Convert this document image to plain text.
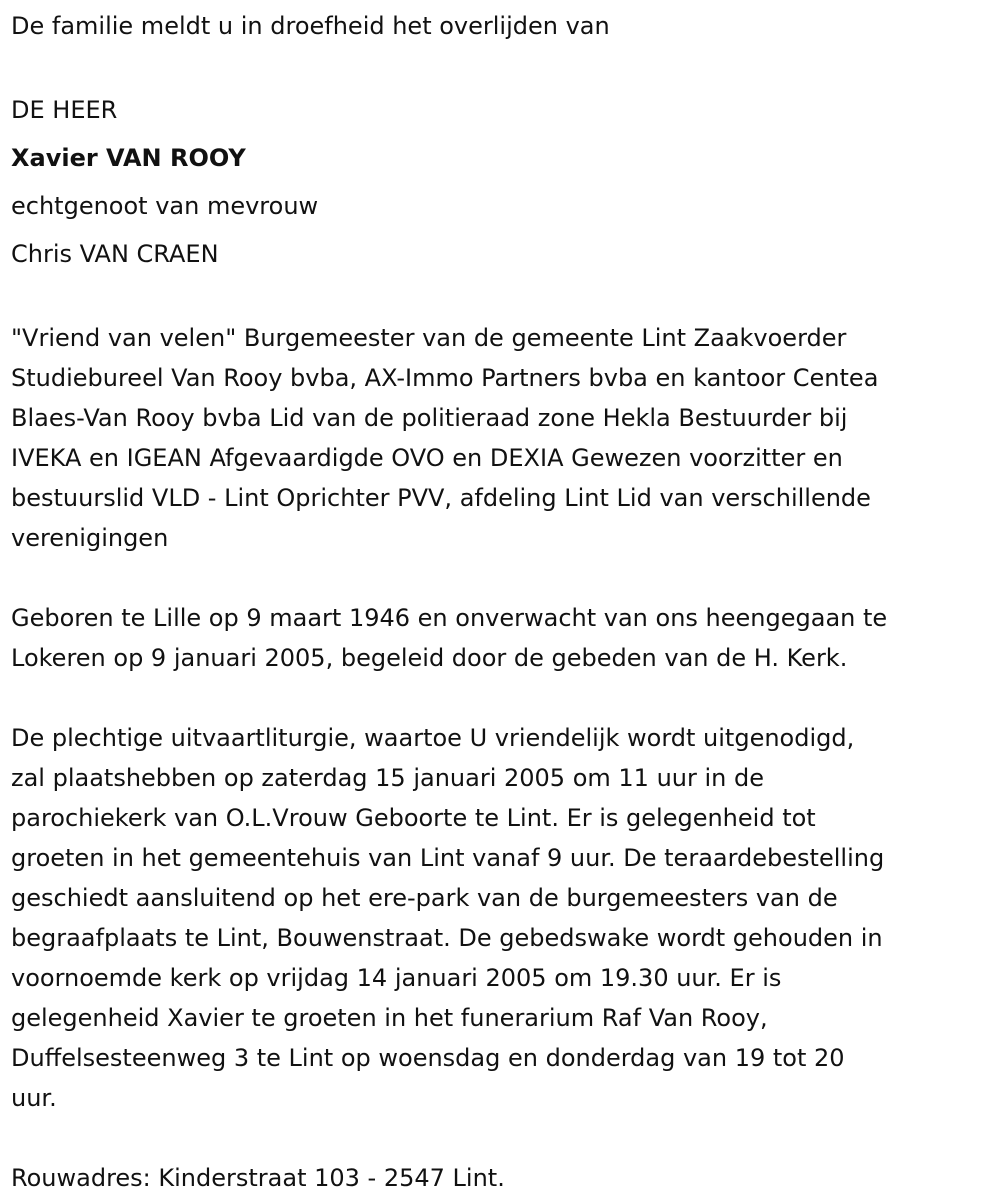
De familie meldt u in droefheid het overlijden van

DE HEER

Xavier VAN ROOY

echtgenoot van mevrouw

Chris VAN CRAEN

"Vriend van velen" Burgemeester van de gemeente Lint Zaakvoerder

Studiebureel Van Rooy bvba, AX-Immo Partners bvba en kantoor Centea

Blaes-Van Rooy bvba Lid van de politieraad zone Hekla Bestuurder bij

IVEKA en IGEAN Afgevaardigde OVO en DEXIA Gewezen voorzitter en

bestuurslid VLD - Lint Oprichter PVV, afdeling Lint Lid van verschillende

verenigingen

Geboren te Lille op 9 maart 1946 en onverwacht van ons heengegaan te

Lokeren op 9 januari 2005, begeleid door de gebeden van de H. Kerk.

De plechtige uitvaartliturgie, waartoe U vriendelijk wordt uitgenodigd,

zal plaatshebben op zaterdag 15 januari 2005 om 11 uur in de

parochiekerk van O.L.Vrouw Geboorte te Lint. Er is gelegenheid tot

groeten in het gemeentehuis van Lint vanaf 9 uur. De teraardebestelling

geschiedt aansluitend op het ere-park van de burgemeesters van de

begraafplaats te Lint, Bouwenstraat. De gebedswake wordt gehouden in

voornoemde kerk op vrijdag 14 januari 2005 om 19.30 uur. Er is

gelegenheid Xavier te groeten in het funerarium Raf Van Rooy,

Duffelsesteenweg 3 te Lint op woensdag en donderdag van 19 tot 20

uur.

Rouwadres: Kinderstraat 103 - 2547 Lint.
